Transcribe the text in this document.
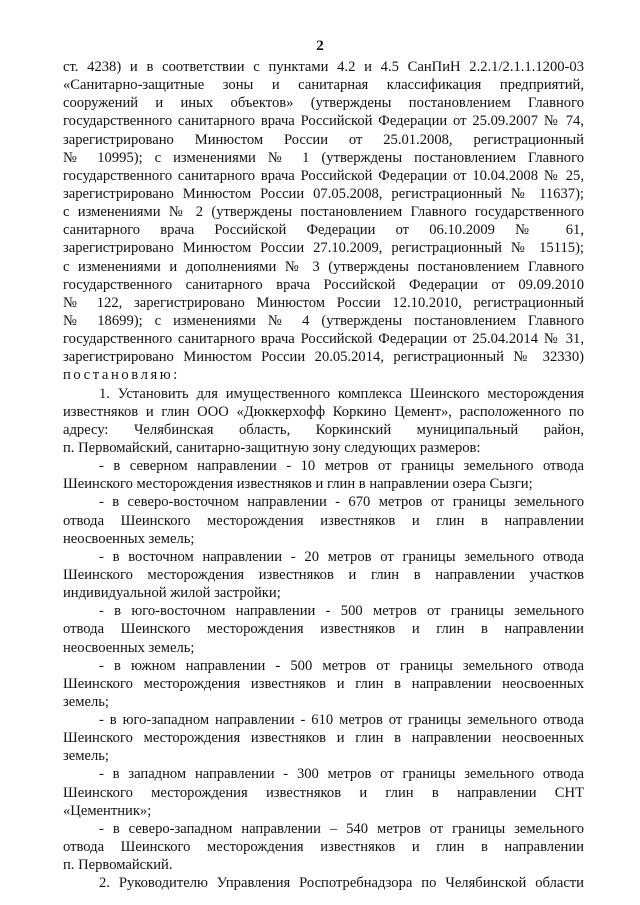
2
ст. 4238) и в соответствии с пунктами 4.2 и 4.5 СанПиН 2.2.1/2.1.1.1200-03
«Санитарно-защитные зоны и санитарная классификация предприятий,
сооружений и иных объектов» (утверждены постановлением Главного
государственного санитарного врача Российской Федерации от 25.09.2007 № 74,
зарегистрировано Минюстом России от 25.01.2008, регистрационный
№ 10995); с изменениями № 1 (утверждены постановлением Главного
государственного санитарного врача Российской Федерации от 10.04.2008 № 25,
зарегистрировано Минюстом России 07.05.2008, регистрационный № 11637);
с изменениями № 2 (утверждены постановлением Главного государственного
санитарного врача Российской Федерации от 06.10.2009 № 61,
зарегистрировано Минюстом России 27.10.2009, регистрационный № 15115);
с изменениями и дополнениями № 3 (утверждены постановлением Главного
государственного санитарного врача Российской Федерации от 09.09.2010
№ 122, зарегистрировано Минюстом России 12.10.2010, регистрационный
№ 18699); с изменениями № 4 (утверждены постановлением Главного
государственного санитарного врача Российской Федерации от 25.04.2014 № 31,
зарегистрировано Минюстом России 20.05.2014, регистрационный № 32330)
постановляю:
1. Установить для имущественного комплекса Шеинского месторождения
известняков и глин ООО «Дюккерхофф Коркино Цемент», расположенного по
адресу: Челябинская область, Коркинский муниципальный район,
п. Первомайский, санитарно-защитную зону следующих размеров:
- в северном направлении - 10 метров от границы земельного отвода
Шеинского месторождения известняков и глин в направлении озера Сызги;
- в северо-восточном направлении - 670 метров от границы земельного
отвода Шеинского месторождения известняков и глин в направлении
неосвоенных земель;
- в восточном направлении - 20 метров от границы земельного отвода
Шеинского месторождения известняков и глин в направлении участков
индивидуальной жилой застройки;
- в юго-восточном направлении - 500 метров от границы земельного
отвода Шеинского месторождения известняков и глин в направлении
неосвоенных земель;
- в южном направлении - 500 метров от границы земельного отвода
Шеинского месторождения известняков и глин в направлении неосвоенных
земель;
- в юго-западном направлении - 610 метров от границы земельного отвода
Шеинского месторождения известняков и глин в направлении неосвоенных
земель;
- в западном направлении - 300 метров от границы земельного отвода
Шеинского месторождения известняков и глин в направлении СНТ
«Цементник»;
- в северо-западном направлении – 540 метров от границы земельного
отвода Шеинского месторождения известняков и глин в направлении
п. Первомайский.
2. Руководителю Управления Роспотребнадзора по Челябинской области
